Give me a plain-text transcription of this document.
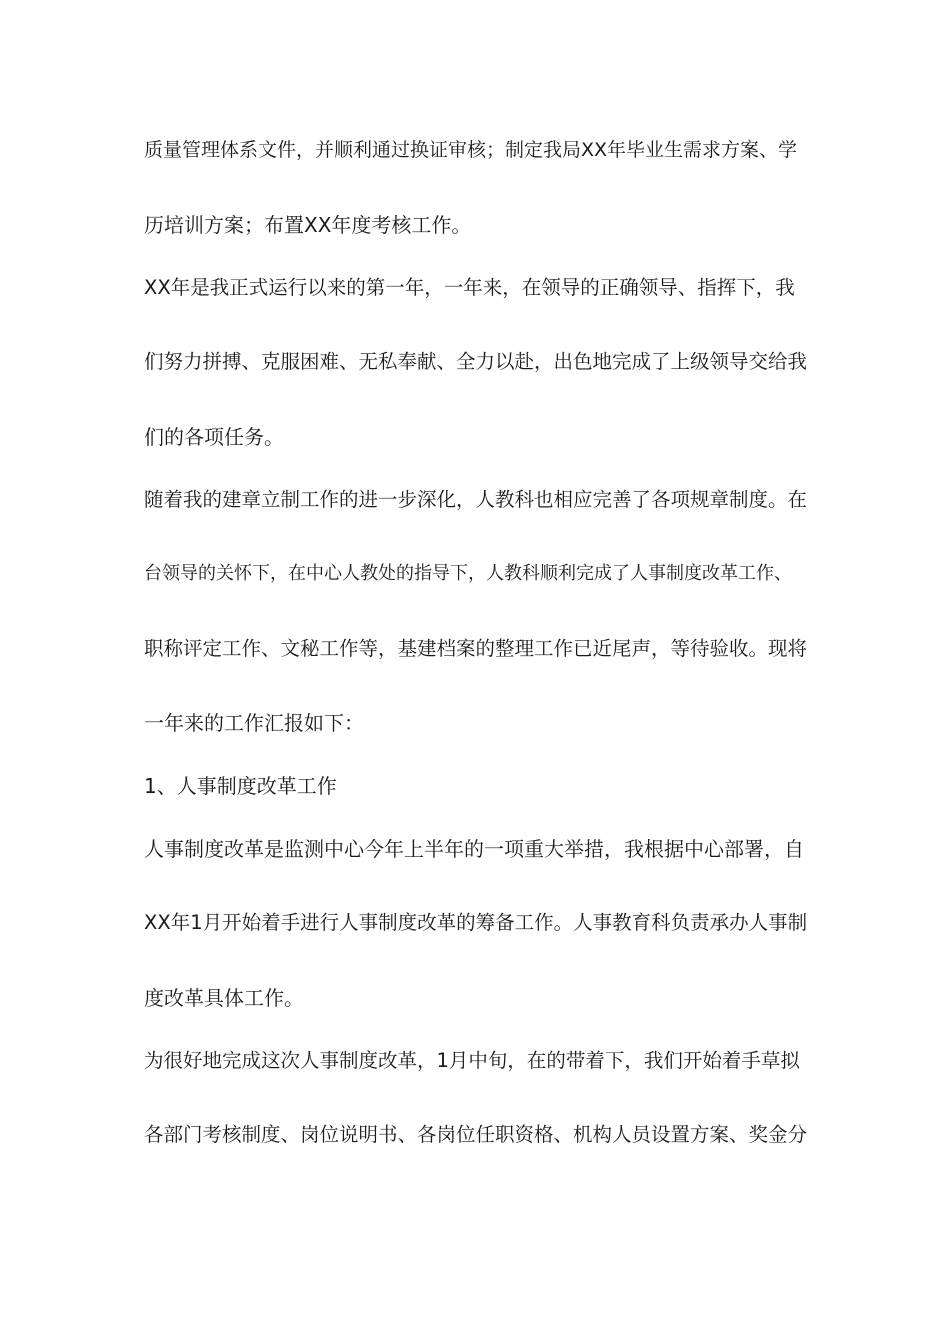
质量管理体系文件，并顺利通过换证审核；制定我局XX年毕业生需求方案、学
历培训方案；布置XX年度考核工作。
XX年是我正式运行以来的第一年，一年来，在领导的正确领导、指挥下，我
们努力拼搏、克服困难、无私奉献、全力以赴，出色地完成了上级领导交给我
们的各项任务。
随着我的建章立制工作的进一步深化，人教科也相应完善了各项规章制度。在
台领导的关怀下，在中心人教处的指导下，人教科顺利完成了人事制度改革工作、
职称评定工作、文秘工作等，基建档案的整理工作已近尾声，等待验收。现将
一年来的工作汇报如下：
1、人事制度改革工作
人事制度改革是监测中心今年上半年的一项重大举措，我根据中心部署，自
XX年1月开始着手进行人事制度改革的筹备工作。人事教育科负责承办人事制
度改革具体工作。
为很好地完成这次人事制度改革，1月中旬，在的带着下，我们开始着手草拟
各部门考核制度、岗位说明书、各岗位任职资格、机构人员设置方案、奖金分
